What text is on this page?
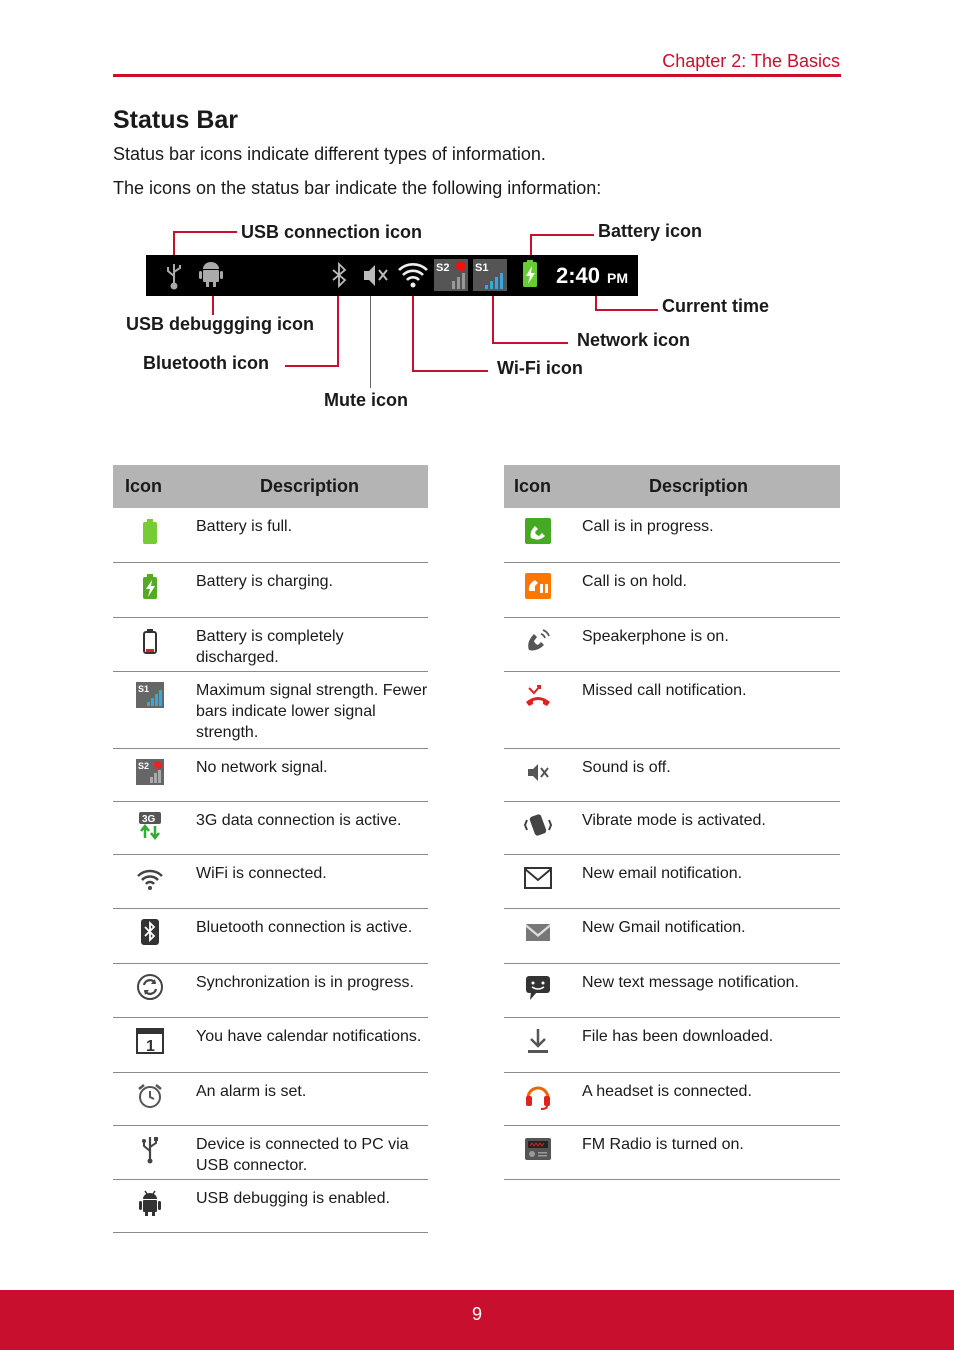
Chapter 2: The Basics
Status Bar

Status bar icons indicate different types of information.

The icons on the status bar indicate the following information:

S2 S1	2:40 PM
USB connection icon	Battery icon
Current time
USB debuggging icon
Network icon
Bluetooth icon	Wi-Fi icon
Mute icon
Icon	Description
	Battery is full.
	Battery is charging.
	Battery is completely discharged.

S1	Maximum signal strength. Fewer bars indicate lower signal strength.

S2	No network signal.

3G	3G data connection is active.
	WiFi is connected.
	Bluetooth connection is active.
	Synchronization is in progress.

1	You have calendar notifications.
	An alarm is set.
	Device is connected to PC via USB connector.
	USB debugging is enabled.
Icon	Description
	Call is in progress.
	Call is on hold.
	Speakerphone is on.
	Missed call notification.
	Sound is off.
	Vibrate mode is activated.
	New email notification.
	New Gmail notification.
	New text message notification.
	File has been downloaded.
	A headset is connected.
	FM Radio is turned on.
9
